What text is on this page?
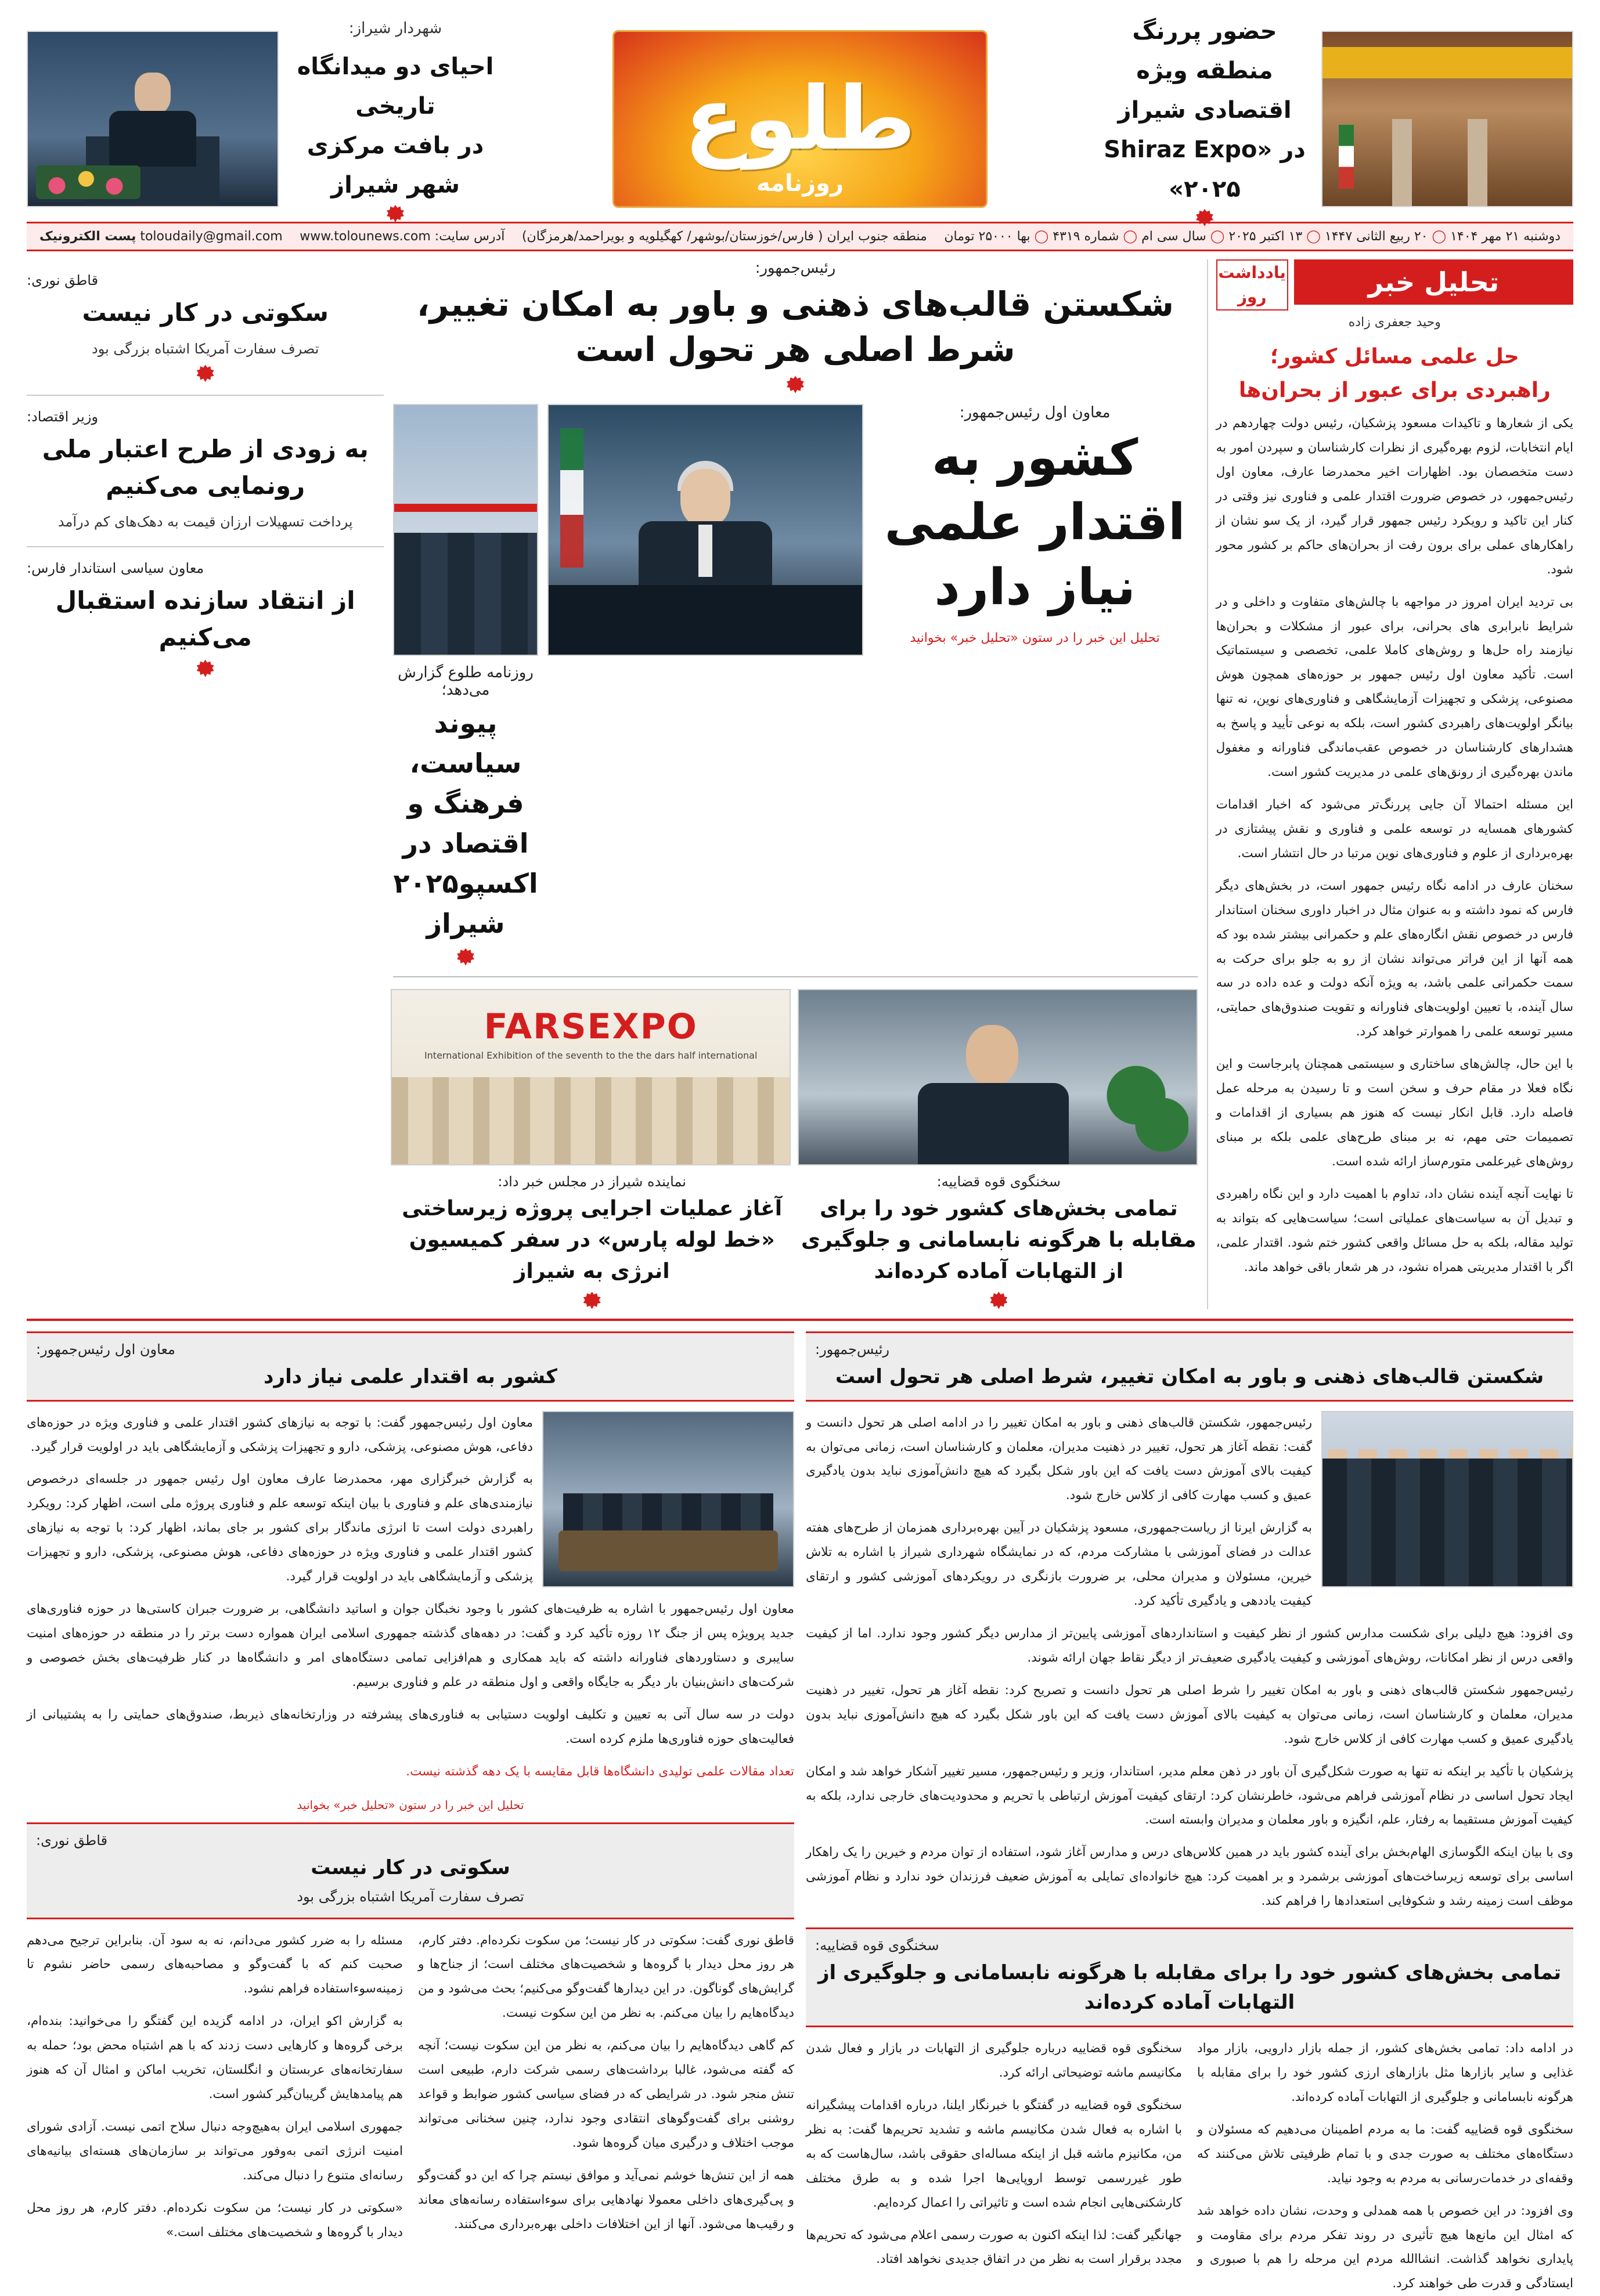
حضور پررنگ
منطقه ویژه اقتصادی شیراز
در «Shiraz Expo ۲۰۲۵»
طلوع
روزنامه
شهردار شیراز:
احیای دو میدانگاه تاریخی
در بافت مرکزی شهر شیراز
دوشنبه ۲۱ مهر ۱۴۰۴ ◯ ۲۰ ربیع الثانی ۱۴۴۷ ◯ ۱۳ اکتبر ۲۰۲۵ ◯ سال سی ام ◯ شماره ۴۳۱۹ ◯ بها ۲۵۰۰۰ تومان
منطقه جنوب ایران ( فارس/خوزستان/بوشهر/ کهگیلویه و بویراحمد/هرمزگان)
آدرس سایت: www.tolounews.com
toloudaily@gmail.com پست الکترونیک
تحلیل خبر
یادداشت روز
وحید جعفری زاده
حل علمی مسائل کشور؛
راهبردی برای عبور از بحران‌ها

یکی از شعارها و تاکیدات مسعود پزشکیان، رئیس دولت چهاردهم در ایام انتخابات، لزوم بهره‌گیری از نظرات کارشناسان و سپردن امور به دست متخصصان بود. اظهارات اخیر محمدرضا عارف، معاون اول رئیس‌جمهور، در خصوص ضرورت اقتدار علمی و فناوری نیز وقتی در کنار این تاکید و رویکرد رئیس جمهور قرار گیرد، از یک سو نشان از راهکارهای عملی برای برون رفت از بحران‌های حاکم بر کشور محور شود.

بی تردید ایران امروز در مواجهه با چالش‌های متفاوت و داخلی و در شرایط نابرابری های بحرانی، برای عبور از مشکلات و بحران‌ها نیازمند راه حل‌ها و روش‌های کاملا علمی، تخصصی و سیستماتیک است. تأکید معاون اول رئیس جمهور بر حوزه‌های همچون هوش مصنوعی، پزشکی و تجهیزات آزمایشگاهی و فناوری‌های نوین، نه تنها بیانگر اولویت‌های راهبردی کشور است، بلکه به نوعی تأیید و پاسخ به هشدارهای کارشناسان در خصوص عقب‌ماندگی فناورانه و مغفول ماندن بهره‌گیری از رونق‌های علمی در مدیریت کشور است.

این مسئله احتمالا آن جایی پررنگ‌تر می‌شود که اخبار اقدامات کشورهای همسایه در توسعه علمی و فناوری و نقش پیشتازی در بهره‌برداری از علوم و فناوری‌های نوین مرتبا در حال انتشار است.

سخنان عارف در ادامه نگاه رئیس جمهور است، در بخش‌های دیگر فارس که نمود داشته و به عنوان مثال در اخبار داوری سخنان استاندار فارس در خصوص نقش انگاره‌های علم و حکمرانی بیشتر شده بود که همه آنها از این فراتر می‌تواند نشان از رو به جلو برای حرکت به سمت حکمرانی علمی باشد، به ویژه آنکه دولت و عده داده در سه سال آینده، با تعیین اولویت‌های فناورانه و تقویت صندوق‌های حمایتی، مسیر توسعه علمی را هموارتر خواهد کرد.

با این حال، چالش‌های ساختاری و سیستمی همچنان پابرجاست و این نگاه فعلا در مقام حرف و سخن است و تا رسیدن به مرحله عمل فاصله دارد. قابل انکار نیست که هنوز هم بسیاری از اقدامات و تصمیمات حتی مهم، نه بر مبنای طرح‌های علمی بلکه بر مبنای روش‌های غیرعلمی متورم‌ساز ارائه شده است.

تا نهایت آنچه آینده نشان داد، تداوم با اهمیت دارد و این نگاه راهبردی و تبدیل آن به سیاست‌های عملیاتی است؛ سیاست‌هایی که بتواند به تولید مقاله، بلکه به حل مسائل واقعی کشور ختم شود. اقتدار علمی، اگر با اقتدار مدیریتی همراه نشود، در هر شعار باقی خواهد ماند.

رئیس‌جمهور:
شکستن قالب‌های ذهنی و باور به امکان تغییر، شرط اصلی هر تحول است
معاون اول رئیس‌جمهور:
کشور به اقتدار علمی نیاز دارد
تحلیل این خبر را در ستون «تحلیل خبر» بخوانید
روزنامه طلوع گزارش می‌دهد؛
پیوند سیاست، فرهنگ و اقتصاد در اکسپو۲۰۲۵ شیراز
سخنگوی قوه قضاییه:
تمامی بخش‌های کشور خود را برای مقابله با هرگونه نابسامانی و جلوگیری از التهابات آماده کرده‌اند
FARSEXPO
International Exhibition of the seventh to the the dars half international
نماینده شیراز در مجلس خبر داد:
آغاز عملیات اجرایی پروژه زیرساختی «خط لوله پارس» در سفر کمیسیون انرژی به شیراز
قاطق نوری:
سکوتی در کار نیست
تصرف سفارت آمریکا اشتباه بزرگی بود
وزیر اقتصاد:
به زودی از طرح اعتبار ملی رونمایی می‌کنیم
پرداخت تسهیلات ارزان قیمت به دهک‌های کم درآمد
معاون سیاسی استاندار فارس:
از انتقاد سازنده استقبال می‌کنیم
رئیس‌جمهور:
شکستن قالب‌های ذهنی و باور به امکان تغییر، شرط اصلی هر تحول است

رئیس‌جمهور، شکستن قالب‌های ذهنی و باور به امکان تغییر را در ادامه اصلی هر تحول دانست و گفت: نقطه آغاز هر تحول، تغییر در ذهنیت مدیران، معلمان و کارشناسان است، زمانی می‌توان به کیفیت بالای آموزش دست یافت که این باور شکل بگیرد که هیچ دانش‌آموزی نباید بدون یادگیری عمیق و کسب مهارت کافی از کلاس خارج شود.

به گزارش ایرنا از ریاست‌جمهوری، مسعود پزشکیان در آیین بهره‌برداری همزمان از طرح‌های هفته عدالت در فضای آموزشی با مشارکت مردم، که در نمایشگاه شهرداری شیراز با اشاره به تلاش خیرین، مسئولان و مدیران محلی، بر ضرورت بازنگری در رویکردهای آموزشی کشور و ارتقای کیفیت یاددهی و یادگیری تأکید کرد.

وی افزود: هیچ دلیلی برای شکست مدارس کشور از نظر کیفیت و استانداردهای آموزشی پایین‌تر از مدارس دیگر کشور وجود ندارد. اما از کیفیت واقعی درس از نظر امکانات، روش‌های آموزشی و کیفیت یادگیری ضعیف‌تر از دیگر نقاط جهان ارائه شوند.

رئیس‌جمهور شکستن قالب‌های ذهنی و باور به امکان تغییر را شرط اصلی هر تحول دانست و تصریح کرد: نقطه آغاز هر تحول، تغییر در ذهنیت مدیران، معلمان و کارشناسان است، زمانی می‌توان به کیفیت بالای آموزش دست یافت که این باور شکل بگیرد که هیچ دانش‌آموزی نباید بدون یادگیری عمیق و کسب مهارت کافی از کلاس خارج شود.

پزشکیان با تأکید بر اینکه نه تنها به صورت شکل‌گیری آن باور در ذهن معلم مدیر، استاندار، وزیر و رئیس‌جمهور، مسیر تغییر آشکار خواهد شد و امکان ایجاد تحول اساسی در نظام آموزشی فراهم می‌شود، خاطرنشان کرد: ارتقای کیفیت آموزش ارتباطی با تحریم و محدودیت‌های خارجی ندارد، بلکه به کیفیت آموزش مستقیما به رفتار، علم، انگیزه و باور معلمان و مدیران وابسته است.

وی با بیان اینکه الگوسازی الهام‌بخش برای آینده کشور باید در همین کلاس‌های درس و مدارس آغاز شود، استفاده از توان مردم و خیرین را یک راهکار اساسی برای توسعه زیرساخت‌های آموزشی برشمرد و بر اهمیت کرد: هیچ خانواده‌ای تمایلی به آموزش ضعیف فرزندان خود ندارد و نظام آموزشی موظف است زمینه رشد و شکوفایی استعدادها را فراهم کند.

سخنگوی قوه قضاییه:
تمامی بخش‌های کشور خود را برای مقابله با هرگونه نابسامانی و جلوگیری از التهابات آماده کرده‌اند

در ادامه داد: تمامی بخش‌های کشور، از جمله بازار دارویی، بازار مواد غذایی و سایر بازارها مثل بازارهای ارزی کشور خود را برای مقابله با هرگونه نابسامانی و جلوگیری از التهابات آماده کرده‌اند.

سخنگوی قوه قضاییه گفت: ما به مردم اطمینان می‌دهیم که مسئولان و دستگاه‌های مختلف به صورت جدی و با تمام ظرفیتی تلاش می‌کنند که وقفه‌ای در خدمات‌رسانی به مردم به وجود نیاید.

وی افزود: در این خصوص با همه همدلی و وحدت، نشان داده خواهد شد که امثال این مانع‌ها هیچ تأثیری در روند تفکر مردم برای مقاومت و پایداری نخواهد گذاشت. انشاالله مردم این مرحله را هم با صبوری و ایستادگی و قدرت طی خواهند کرد.

سخنگوی قوه قضاییه درباره جلوگیری از التهابات در بازار و فعال شدن مکانیسم ماشه توضیحاتی ارائه کرد.

سخنگوی قوه قضاییه در گفتگو با خبرنگار ایلنا، درباره اقدامات پیشگیرانه با اشاره به فعال شدن مکانیسم ماشه و تشدید تحریم‌ها گفت: به نظر من، مکانیزم ماشه قبل از اینکه مساله‌ای حقوقی باشد، سال‌هاست که به طور غیررسمی توسط اروپایی‌ها اجرا شده و به طرق مختلف کارشکنی‌هایی انجام شده است و تاثیراتی را اعمال کرده‌ایم.

جهانگیر گفت: لذا اینکه اکنون به صورت رسمی اعلام می‌شود که تحریم‌ها مجدد برقرار است به نظر من در اتفاق جدیدی نخواهد افتاد.

معاون اول رئیس‌جمهور:
کشور به اقتدار علمی نیاز دارد

معاون اول رئیس‌جمهور گفت: با توجه به نیازهای کشور اقتدار علمی و فناوری ویژه در حوزه‌های دفاعی، هوش مصنوعی، پزشکی، دارو و تجهیزات پزشکی و آزمایشگاهی باید در اولویت قرار گیرد.

به گزارش خبرگزاری مهر، محمدرضا عارف معاون اول رئیس جمهور در جلسه‌ای درخصوص نیازمندی‌های علم و فناوری با بیان اینکه توسعه علم و فناوری پروژه ملی است، اظهار کرد: رویکرد راهبردی دولت است تا انرژی ماندگار برای کشور بر جای بماند، اظهار کرد: با توجه به نیازهای کشور اقتدار علمی و فناوری ویژه در حوزه‌های دفاعی، هوش مصنوعی، پزشکی، دارو و تجهیزات پزشکی و آزمایشگاهی باید در اولویت قرار گیرد.

معاون اول رئیس‌جمهور با اشاره به ظرفیت‌های کشور با وجود نخبگان جوان و اساتید دانشگاهی، بر ضرورت جبران کاستی‌ها در حوزه فناوری‌های جدید پرویژه پس از جنگ ۱۲ روزه تأکید کرد و گفت: در دهه‌های گذشته جمهوری اسلامی ایران همواره دست برتر را در منطقه در حوزه‌های امنیت سایبری و دستاوردهای فناورانه داشته که باید همکاری و هم‌افزایی تمامی دستگاه‌های امر و دانشگاه‌ها در کنار ظرفیت‌های بخش خصوصی و شرکت‌های دانش‌بنیان بار دیگر به جایگاه واقعی و اول منطقه در علم و فناوری برسیم.

دولت در سه سال آتی به تعیین و تکلیف اولویت دستیابی به فناوری‌های پیشرفته در وزارتخانه‌های ذیربط، صندوق‌های حمایتی را به پشتیبانی از فعالیت‌های حوزه فناوری‌ها ملزم کرده است.

تعداد مقالات علمی تولیدی دانشگاه‌ها قابل مقایسه با یک دهه گذشته نیست.

تحلیل این خبر را در ستون «تحلیل خبر» بخوانید
قاطق نوری:
سکوتی در کار نیست
تصرف سفارت آمریکا اشتباه بزرگی بود

قاطق نوری گفت: سکوتی در کار نیست؛ من سکوت نکرده‌ام. دفتر کارم، هر روز محل دیدار با گروه‌ها و شخصیت‌های مختلف است؛ از جناح‌ها و گرایش‌های گوناگون. در این دیدارها گفت‌وگو می‌کنیم؛ بحث می‌شود و من دیدگاه‌هایم را بیان می‌کنم. به نظر من این سکوت نیست.

کم گاهی دیدگاه‌هایم را بیان می‌کنم، به نظر من این سکوت نیست؛ آنچه که گفته می‌شود، غالبا برداشت‌های رسمی شرکت دارم، طبیعی است تنش منجر شود. در شرایطی که در فضای سیاسی کشور ضوابط و قواعد روشنی برای گفت‌وگوهای انتقادی وجود ندارد، چنین سخنانی می‌تواند موجب اختلاف و درگیری میان گروه‌ها شود.

همه از این تنش‌ها خوشم نمی‌آید و موافق نیستم چرا که این دو گفت‌وگو و پی‌گیری‌های داخلی معمولا نهادهایی برای سوءاستفاده رسانه‌های معاند و رقیب‌ها می‌شود. آنها از این اختلافات داخلی بهره‌برداری می‌کنند.

مسئله را به ضرر کشور می‌دانم، نه به سود آن. بنابراین ترجیح می‌دهم صحبت کنم که با گفت‌وگو و مصاحبه‌های رسمی حاضر نشوم تا زمینه‌سوءاستفاده فراهم نشود.

به گزارش اکو ایران، در ادامه گزیده این گفتگو را می‌خوانید: بنده‌ام، برخی گروه‌ها و کارهایی دست زدند که با هم اشتباه محض بود؛ حمله به سفارتخانه‌های عربستان و انگلستان، تخریب اماکن و امثال آن که هنوز هم پیامدهایش گریبان‌گیر کشور است.

جمهوری اسلامی ایران به‌هیچ‌وجه دنبال سلاح اتمی نیست. آزادی شورای امنیت انرژی اتمی به‌وفور می‌تواند بر سازمان‌های هسته‌ای بیانیه‌های رسانه‌ای متنوع را دنبال می‌کند.

«سکوتی در کار نیست؛ من سکوت نکرده‌ام. دفتر کارم، هر روز محل دیدار با گروه‌ها و شخصیت‌های مختلف است.»
